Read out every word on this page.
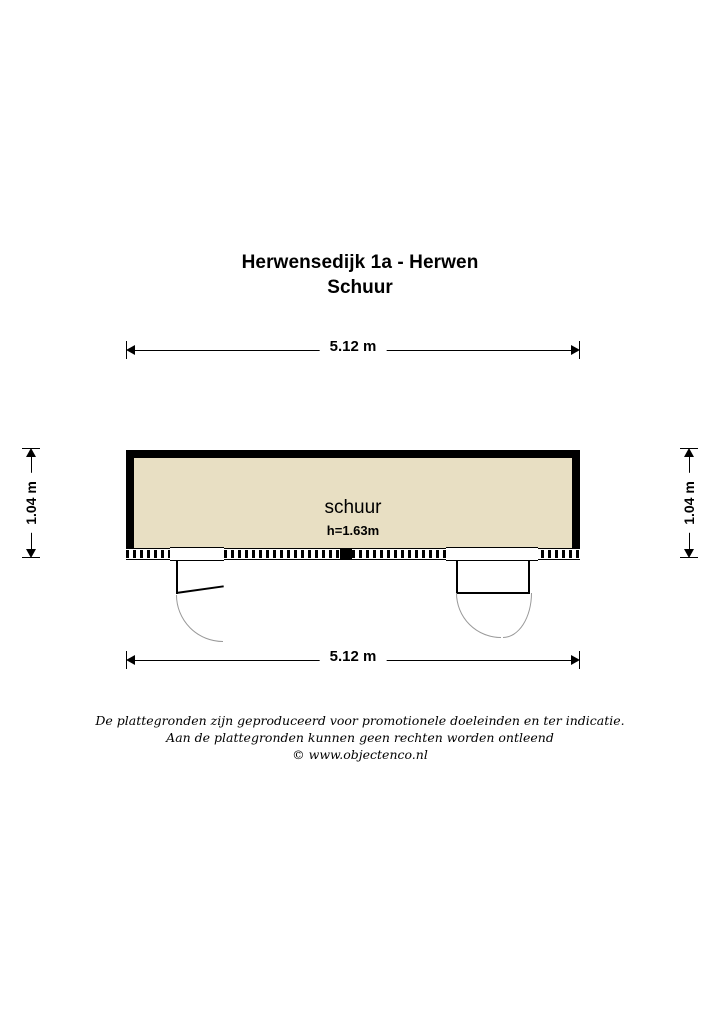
Herwensedijk 1a - Herwen
Schuur
5.12 m
1.04 m	1.04 m
schuur
h=1.63m
5.12 m
De plattegronden zijn geproduceerd voor promotionele doeleinden en ter indicatie.
Aan de plattegronden kunnen geen rechten worden ontleend
© www.objectenco.nl
